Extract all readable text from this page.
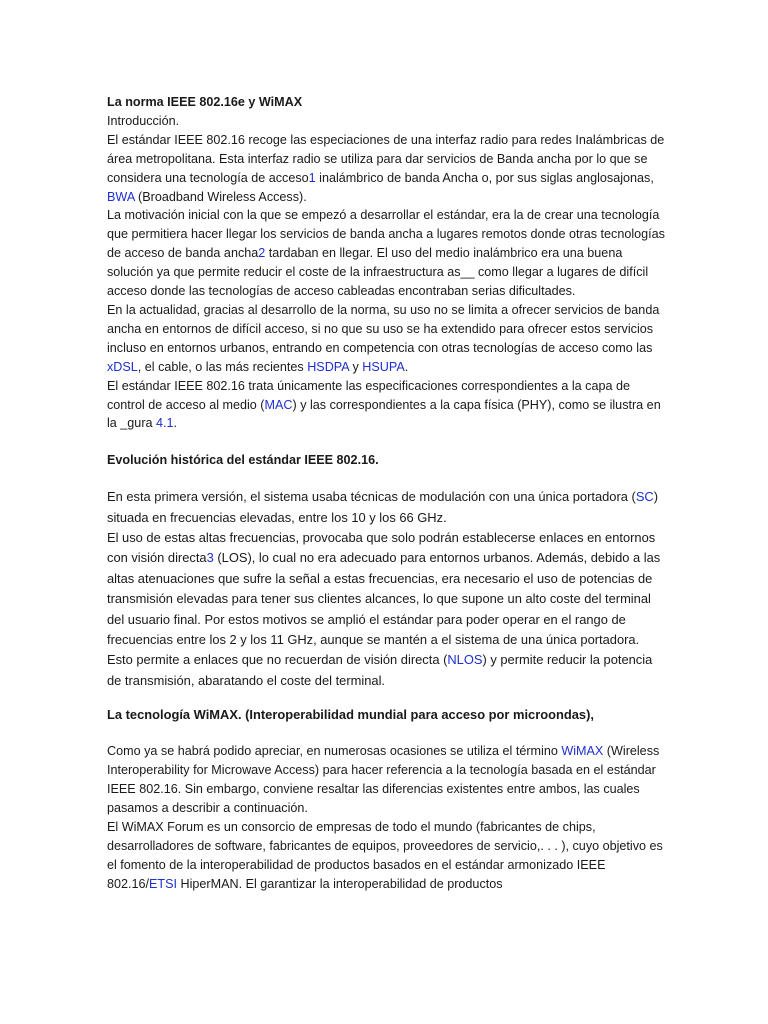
La norma IEEE 802.16e y WiMAX

Introducción.

El estándar IEEE 802.16 recoge las especiaciones de una interfaz radio para redes Inalámbricas de área metropolitana. Esta interfaz radio se utiliza para dar servicios de Banda ancha por lo que se considera una tecnología de acceso1 inalámbrico de banda Ancha o, por sus siglas anglosajonas, BWA (Broadband Wireless Access).

La motivación inicial con la que se empezó a desarrollar el estándar, era la de crear una tecnología que permitiera hacer llegar los servicios de banda ancha a lugares remotos donde otras tecnologías de acceso de banda ancha2 tardaban en llegar. El uso del medio inalámbrico era una buena solución ya que permite reducir el coste de la infraestructura as__ como llegar a lugares de difícil acceso donde las tecnologías de acceso cableadas encontraban serias dificultades.

En la actualidad, gracias al desarrollo de la norma, su uso no se limita a ofrecer servicios de banda ancha en entornos de difícil acceso, si no que su uso se ha extendido para ofrecer estos servicios incluso en entornos urbanos, entrando en competencia con otras tecnologías de acceso como las xDSL, el cable, o las más recientes HSDPA y HSUPA.

El estándar IEEE 802.16 trata únicamente las especificaciones correspondientes a la capa de control de acceso al medio (MAC) y las correspondientes a la capa física (PHY), como se ilustra en la _gura 4.1.

Evolución histórica del estándar IEEE 802.16.

En esta primera versión, el sistema usaba técnicas de modulación con una única portadora (SC) situada en frecuencias elevadas, entre los 10 y los 66 GHz.

El uso de estas altas frecuencias, provocaba que solo podrán establecerse enlaces en entornos con visión directa3 (LOS), lo cual no era adecuado para entornos urbanos. Además, debido a las altas atenuaciones que sufre la señal a estas frecuencias, era necesario el uso de potencias de transmisión elevadas para tener sus clientes alcances, lo que supone un alto coste del terminal del usuario final. Por estos motivos se amplió el estándar para poder operar en el rango de frecuencias entre los 2 y los 11 GHz, aunque se mantén a el sistema de una única portadora. Esto permite a enlaces que no recuerdan de visión directa (NLOS) y permite reducir la potencia de transmisión, abaratando el coste del terminal.

La tecnología WiMAX. (Interoperabilidad mundial para acceso por microondas),

Como ya se habrá podido apreciar, en numerosas ocasiones se utiliza el término WiMAX (Wireless Interoperability for Microwave Access) para hacer referencia a la tecnología basada en el estándar IEEE 802.16. Sin embargo, conviene resaltar las diferencias existentes entre ambos, las cuales pasamos a describir a continuación.

El WiMAX Forum es un consorcio de empresas de todo el mundo (fabricantes de chips, desarrolladores de software, fabricantes de equipos, proveedores de servicio,. . . ), cuyo objetivo es el fomento de la interoperabilidad de productos basados en el estándar armonizado IEEE 802.16/ETSI HiperMAN. El garantizar la interoperabilidad de productos
